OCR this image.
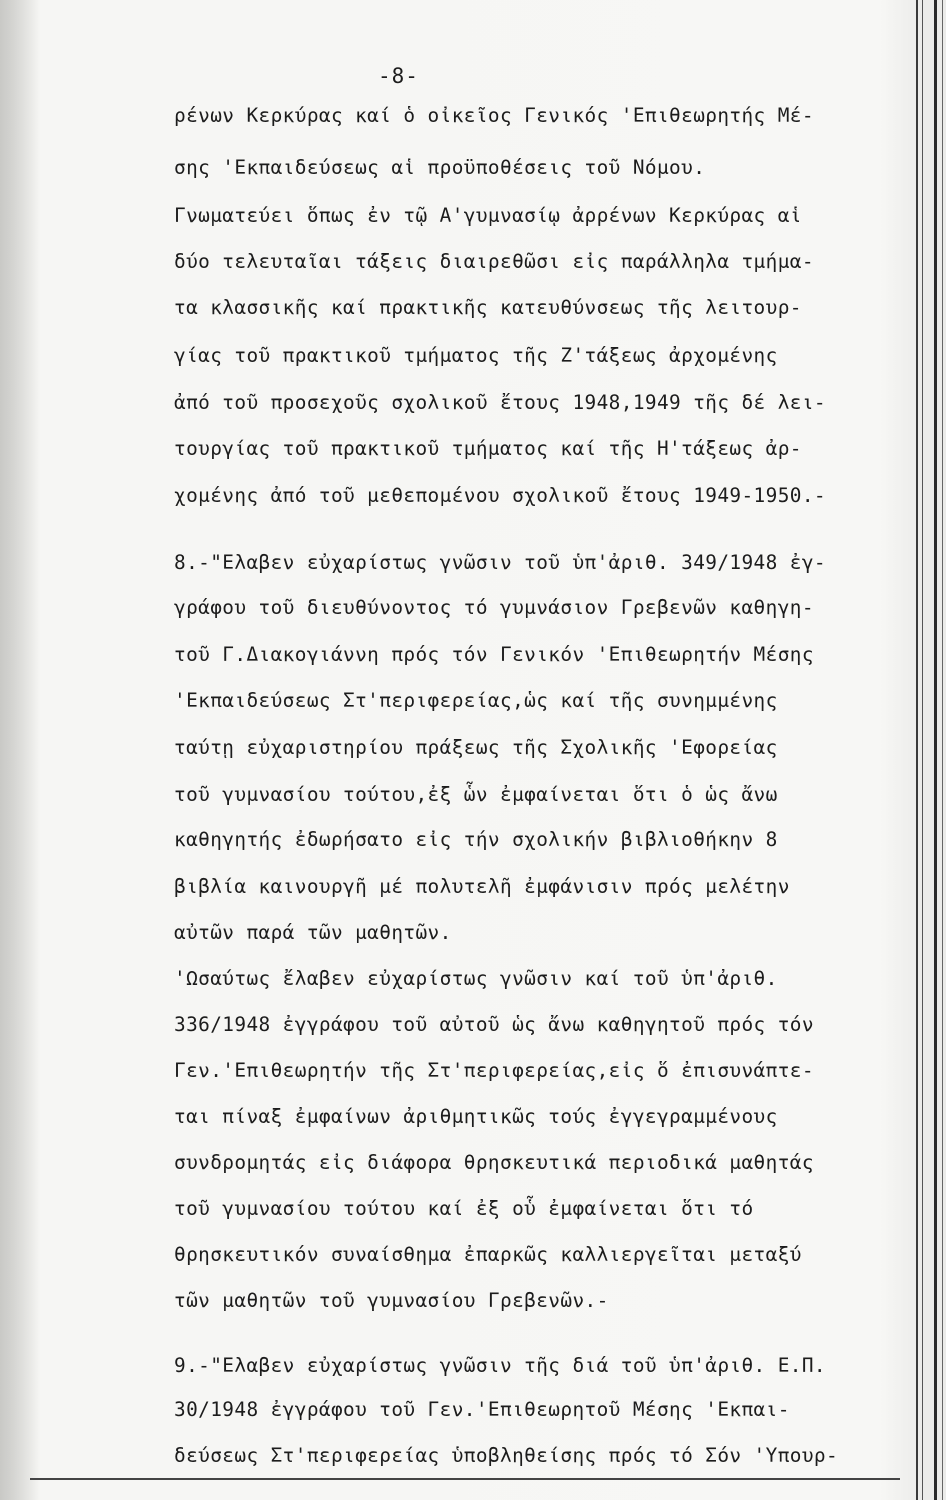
-8-
ρένων Κερκύρας καί ὁ οἰκεῖος Γενικός 'Επιθεωρητής Μέ-
σης 'Εκπαιδεύσεως αἱ προϋποθέσεις τοῦ Νόμου.
Γνωματεύει ὅπως ἐν τῷ Α'γυμνασίῳ ἀρρένων Κερκύρας αἱ
δύο τελευταῖαι τάξεις διαιρεθῶσι εἰς παράλληλα τμήμα-
τα κλασσικῆς καί πρακτικῆς κατευθύνσεως τῆς λειτουρ-
γίας τοῦ πρακτικοῦ τμήματος τῆς Ζ'τάξεως ἀρχομένης
ἀπό τοῦ προσεχοῦς σχολικοῦ ἔτους 1948,1949 τῆς δέ λει-
τουργίας τοῦ πρακτικοῦ τμήματος καί τῆς Η'τάξεως ἀρ-
χομένης ἀπό τοῦ μεθεπομένου σχολικοῦ ἔτους 1949-1950.-
8.-"Ελαβεν εὐχαρίστως γνῶσιν τοῦ ὑπ'ἀριθ. 349/1948 ἐγ-
γράφου τοῦ διευθύνοντος τό γυμνάσιον Γρεβενῶν καθηγη-
τοῦ Γ.Διακογιάννη πρός τόν Γενικόν 'Επιθεωρητήν Μέσης
'Εκπαιδεύσεως Στ'περιφερείας,ὡς καί τῆς συνημμένης
ταύτῃ εὐχαριστηρίου πράξεως τῆς Σχολικῆς 'Εφορείας
τοῦ γυμνασίου τούτου,ἐξ ὧν ἐμφαίνεται ὅτι ὁ ὡς ἄνω
καθηγητής ἐδωρήσατο εἰς τήν σχολικήν βιβλιοθήκην 8
βιβλία καινουργῆ μέ πολυτελῆ ἐμφάνισιν πρός μελέτην
αὐτῶν παρά τῶν μαθητῶν.
'Ωσαύτως ἔλαβεν εὐχαρίστως γνῶσιν καί τοῦ ὑπ'ἀριθ.
336/1948 ἐγγράφου τοῦ αὐτοῦ ὡς ἄνω καθηγητοῦ πρός τόν
Γεν.'Επιθεωρητήν τῆς Στ'περιφερείας,εἰς ὅ ἐπισυνάπτε-
ται πίναξ ἐμφαίνων ἀριθμητικῶς τούς ἐγγεγραμμένους
συνδρομητάς εἰς διάφορα θρησκευτικά περιοδικά μαθητάς
τοῦ γυμνασίου τούτου καί ἐξ οὗ ἐμφαίνεται ὅτι τό
θρησκευτικόν συναίσθημα ἐπαρκῶς καλλιεργεῖται μεταξύ
τῶν μαθητῶν τοῦ γυμνασίου Γρεβενῶν.-
9.-"Ελαβεν εὐχαρίστως γνῶσιν τῆς διά τοῦ ὑπ'ἀριθ. Ε.Π.
30/1948 ἐγγράφου τοῦ Γεν.'Επιθεωρητοῦ Μέσης 'Εκπαι-
δεύσεως Στ'περιφερείας ὑποβληθείσης πρός τό Σόν 'Υπουρ-
